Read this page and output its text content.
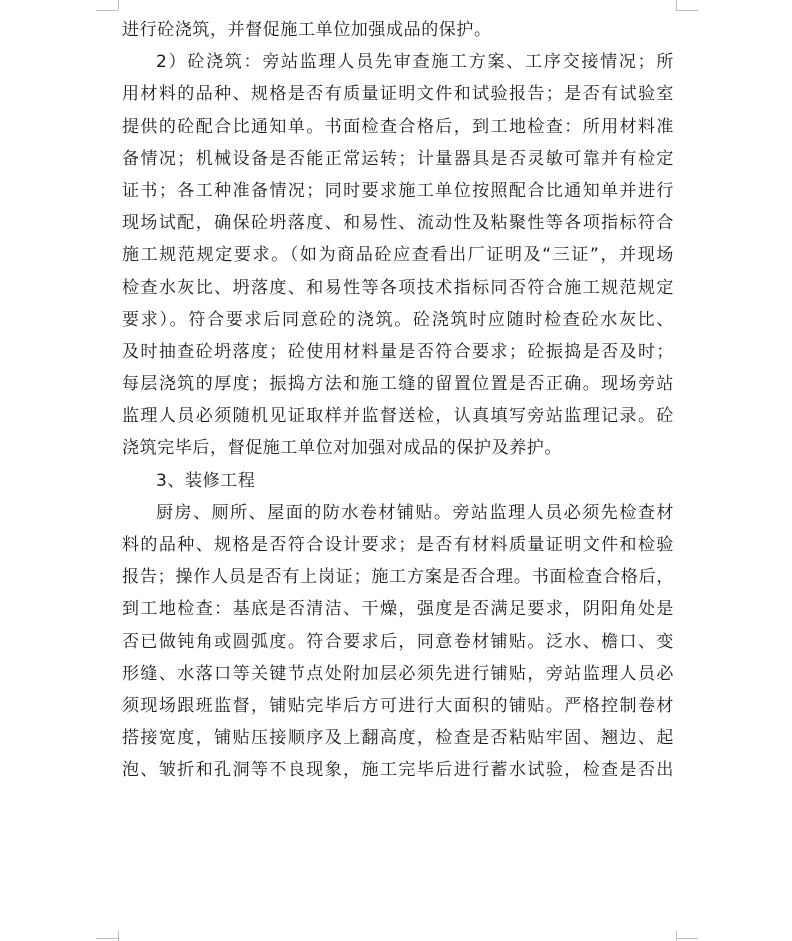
进行砼浇筑，并督促施工单位加强成品的保护。
2）砼浇筑：旁站监理人员先审查施工方案、工序交接情况；所
用材料的品种、规格是否有质量证明文件和试验报告；是否有试验室
提供的砼配合比通知单。书面检查合格后，到工地检查：所用材料准
备情况；机械设备是否能正常运转；计量器具是否灵敏可靠并有检定
证书；各工种准备情况；同时要求施工单位按照配合比通知单并进行
现场试配，确保砼坍落度、和易性、流动性及粘聚性等各项指标符合
施工规范规定要求。（如为商品砼应查看出厂证明及“三证”，并现场
检查水灰比、坍落度、和易性等各项技术指标同否符合施工规范规定
要求）。符合要求后同意砼的浇筑。砼浇筑时应随时检查砼水灰比、
及时抽查砼坍落度；砼使用材料量是否符合要求；砼振捣是否及时；
每层浇筑的厚度；振捣方法和施工缝的留置位置是否正确。现场旁站
监理人员必须随机见证取样并监督送检，认真填写旁站监理记录。砼
浇筑完毕后，督促施工单位对加强对成品的保护及养护。
3、装修工程
厨房、厕所、屋面的防水卷材铺贴。旁站监理人员必须先检查材
料的品种、规格是否符合设计要求；是否有材料质量证明文件和检验
报告；操作人员是否有上岗证；施工方案是否合理。书面检查合格后，
到工地检查：基底是否清洁、干燥，强度是否满足要求，阴阳角处是
否已做钝角或圆弧度。符合要求后，同意卷材铺贴。泛水、檐口、变
形缝、水落口等关键节点处附加层必须先进行铺贴，旁站监理人员必
须现场跟班监督，铺贴完毕后方可进行大面积的铺贴。严格控制卷材
搭接宽度，铺贴压接顺序及上翻高度，检查是否粘贴牢固、翘边、起
泡、皱折和孔洞等不良现象，施工完毕后进行蓄水试验，检查是否出
